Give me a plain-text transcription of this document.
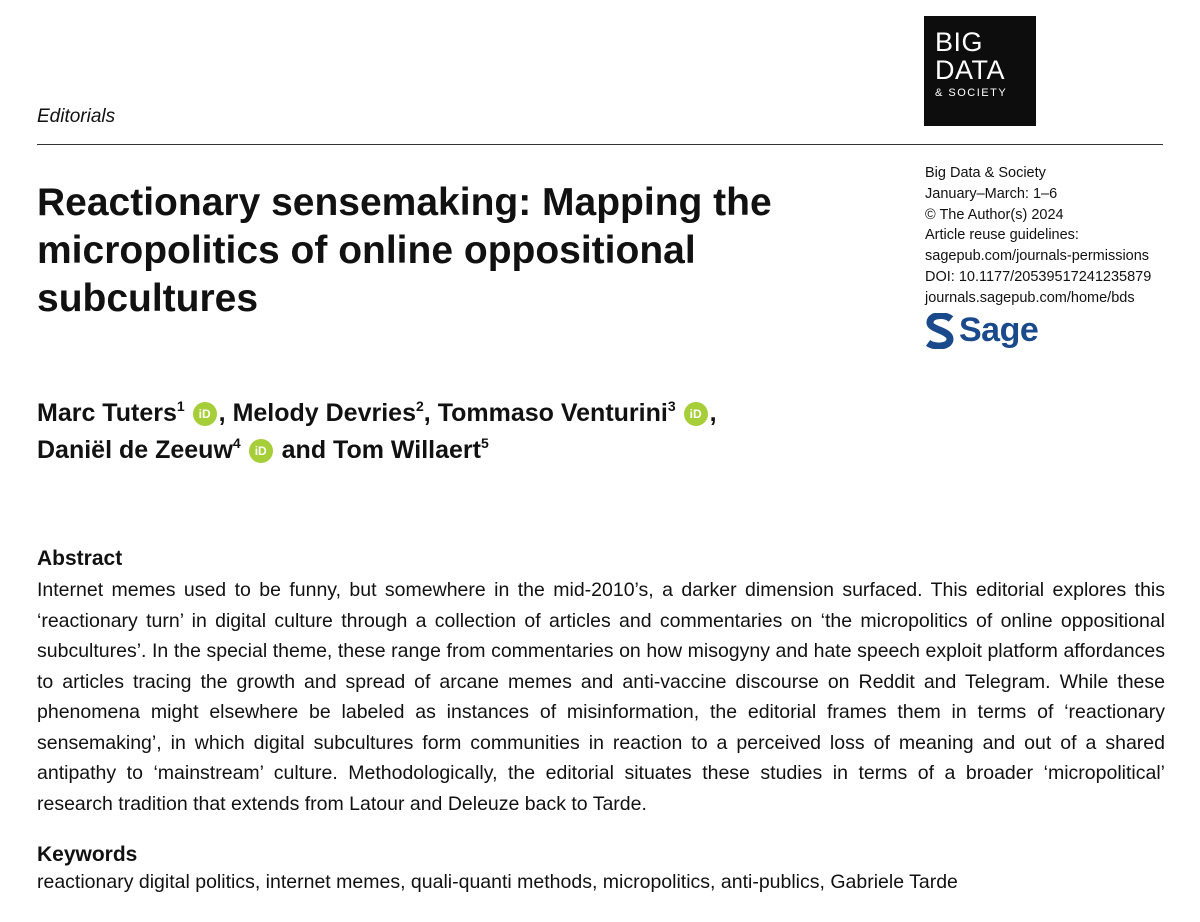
BIG
DATA
& SOCIETY
Editorials
Reactionary sensemaking: Mapping the micropolitics of online oppositional subcultures
Big Data & Society
January–March: 1–6
© The Author(s) 2024
Article reuse guidelines:
sagepub.com/journals-permissions
DOI: 10.1177/20539517241235879
journals.sagepub.com/home/bds
Sage
Marc Tuters$^1$ iD , Melody Devries$^2$, Tommaso Venturini$^3$ iD ,
Daniël de Zeeuw$^4$ iD and Tom Willaert$^5$
Abstract

Internet memes used to be funny, but somewhere in the mid-2010’s, a darker dimension surfaced. This editorial explores this ‘reactionary turn’ in digital culture through a collection of articles and commentaries on ‘the micropolitics of online oppositional subcultures’. In the special theme, these range from commentaries on how misogyny and hate speech exploit platform affordances to articles tracing the growth and spread of arcane memes and anti-vaccine discourse on Reddit and Telegram. While these phenomena might elsewhere be labeled as instances of misinformation, the editorial frames them in terms of ‘reactionary sensemaking’, in which digital subcultures form communities in reaction to a perceived loss of meaning and out of a shared antipathy to ‘mainstream’ culture. Methodologically, the editorial situates these studies in terms of a broader ‘micropolitical’ research tradition that extends from Latour and Deleuze back to Tarde.

Keywords
reactionary digital politics, internet memes, quali-quanti methods, micropolitics, anti-publics, Gabriele Tarde
